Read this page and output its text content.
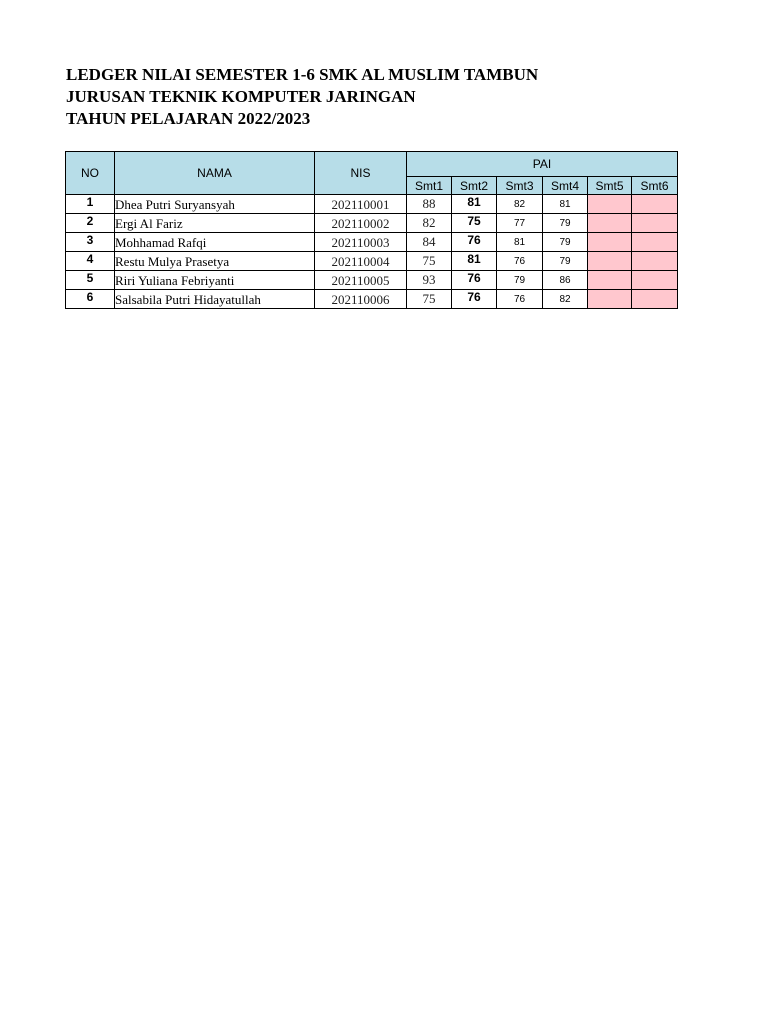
LEDGER NILAI SEMESTER 1-6 SMK AL MUSLIM TAMBUN
JURUSAN TEKNIK KOMPUTER JARINGAN
TAHUN PELAJARAN 2022/2023
NO	NAMA	NIS	PAI					
			Smt1	Smt2	Smt3	Smt4	Smt5	Smt6
1	Dhea Putri Suryansyah	202110001	88	81	82	81		
2	Ergi Al Fariz	202110002	82	75	77	79		
3	Mohhamad Rafqi	202110003	84	76	81	79		
4	Restu Mulya Prasetya	202110004	75	81	76	79		
5	Riri Yuliana Febriyanti	202110005	93	76	79	86		
6	Salsabila Putri Hidayatullah	202110006	75	76	76	82		
